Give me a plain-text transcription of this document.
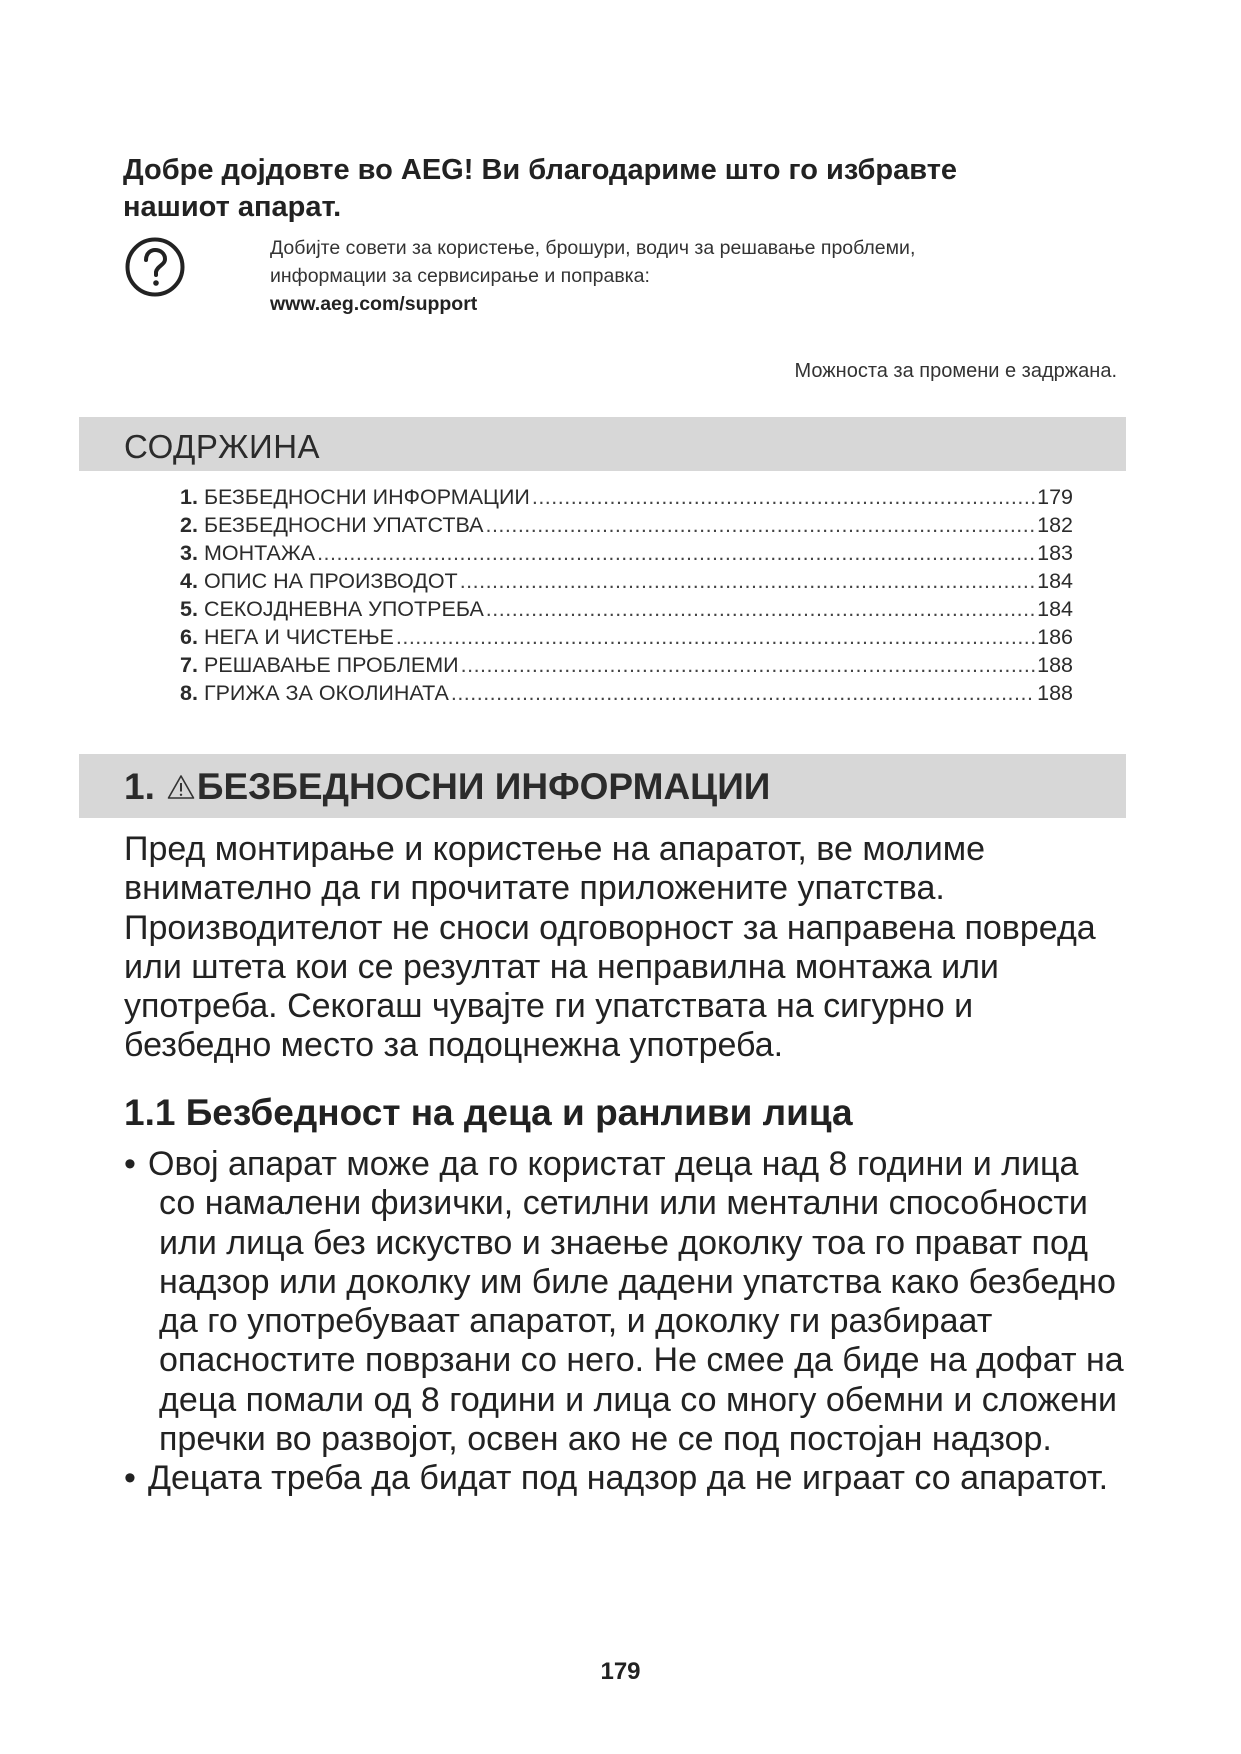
Добре дојдовте во AEG! Ви благодариме што го избравте нашиот апарат.
Добијте совети за користење, брошури, водич за решавање проблеми,
информации за сервисирање и поправка:
www.aeg.com/support
Можноста за промени е задржана.
СОДРЖИНА
1. БЕЗБЕДНОСНИ ИНФОРМАЦИИ .....	179
2. БЕЗБЕДНОСНИ УПАТСТВА .....	182
3. МОНТАЖА .....	183
4. ОПИС НА ПРОИЗВОДОТ .....	184
5. СЕКОЈДНЕВНА УПОТРЕБА .....	184
6. НЕГА И ЧИСТЕЊЕ .....	186
7. РЕШАВАЊЕ ПРОБЛЕМИ .....	188
8. ГРИЖА ЗА ОКОЛИНАТА .....	188
1. БЕЗБЕДНОСНИ ИНФОРМАЦИИ
Пред монтирање и користење на апаратот, ве молиме внимателно да ги прочитате приложените упатства. Производителот не сноси одговорност за направена повреда или штета кои се резултат на неправилна монтажа или употреба. Секогаш чувајте ги упатствата на сигурно и безбедно место за подоцнежна употреба.
1.1 Безбедност на деца и ранливи лица
• Овој апарат може да го користат деца над 8 години и лица со намалени физички, сетилни или ментални способности или лица без искуство и знаење доколку тоа го прават под надзор или доколку им биле дадени упатства како безбедно да го употребуваат апаратот, и доколку ги разбираат опасностите поврзани со него. Не смее да биде на дофат на деца помали од 8 години и лица со многу обемни и сложени пречки во развојот, освен ако не се под постојан надзор.
• Децата треба да бидат под надзор да не играат со апаратот.
179
